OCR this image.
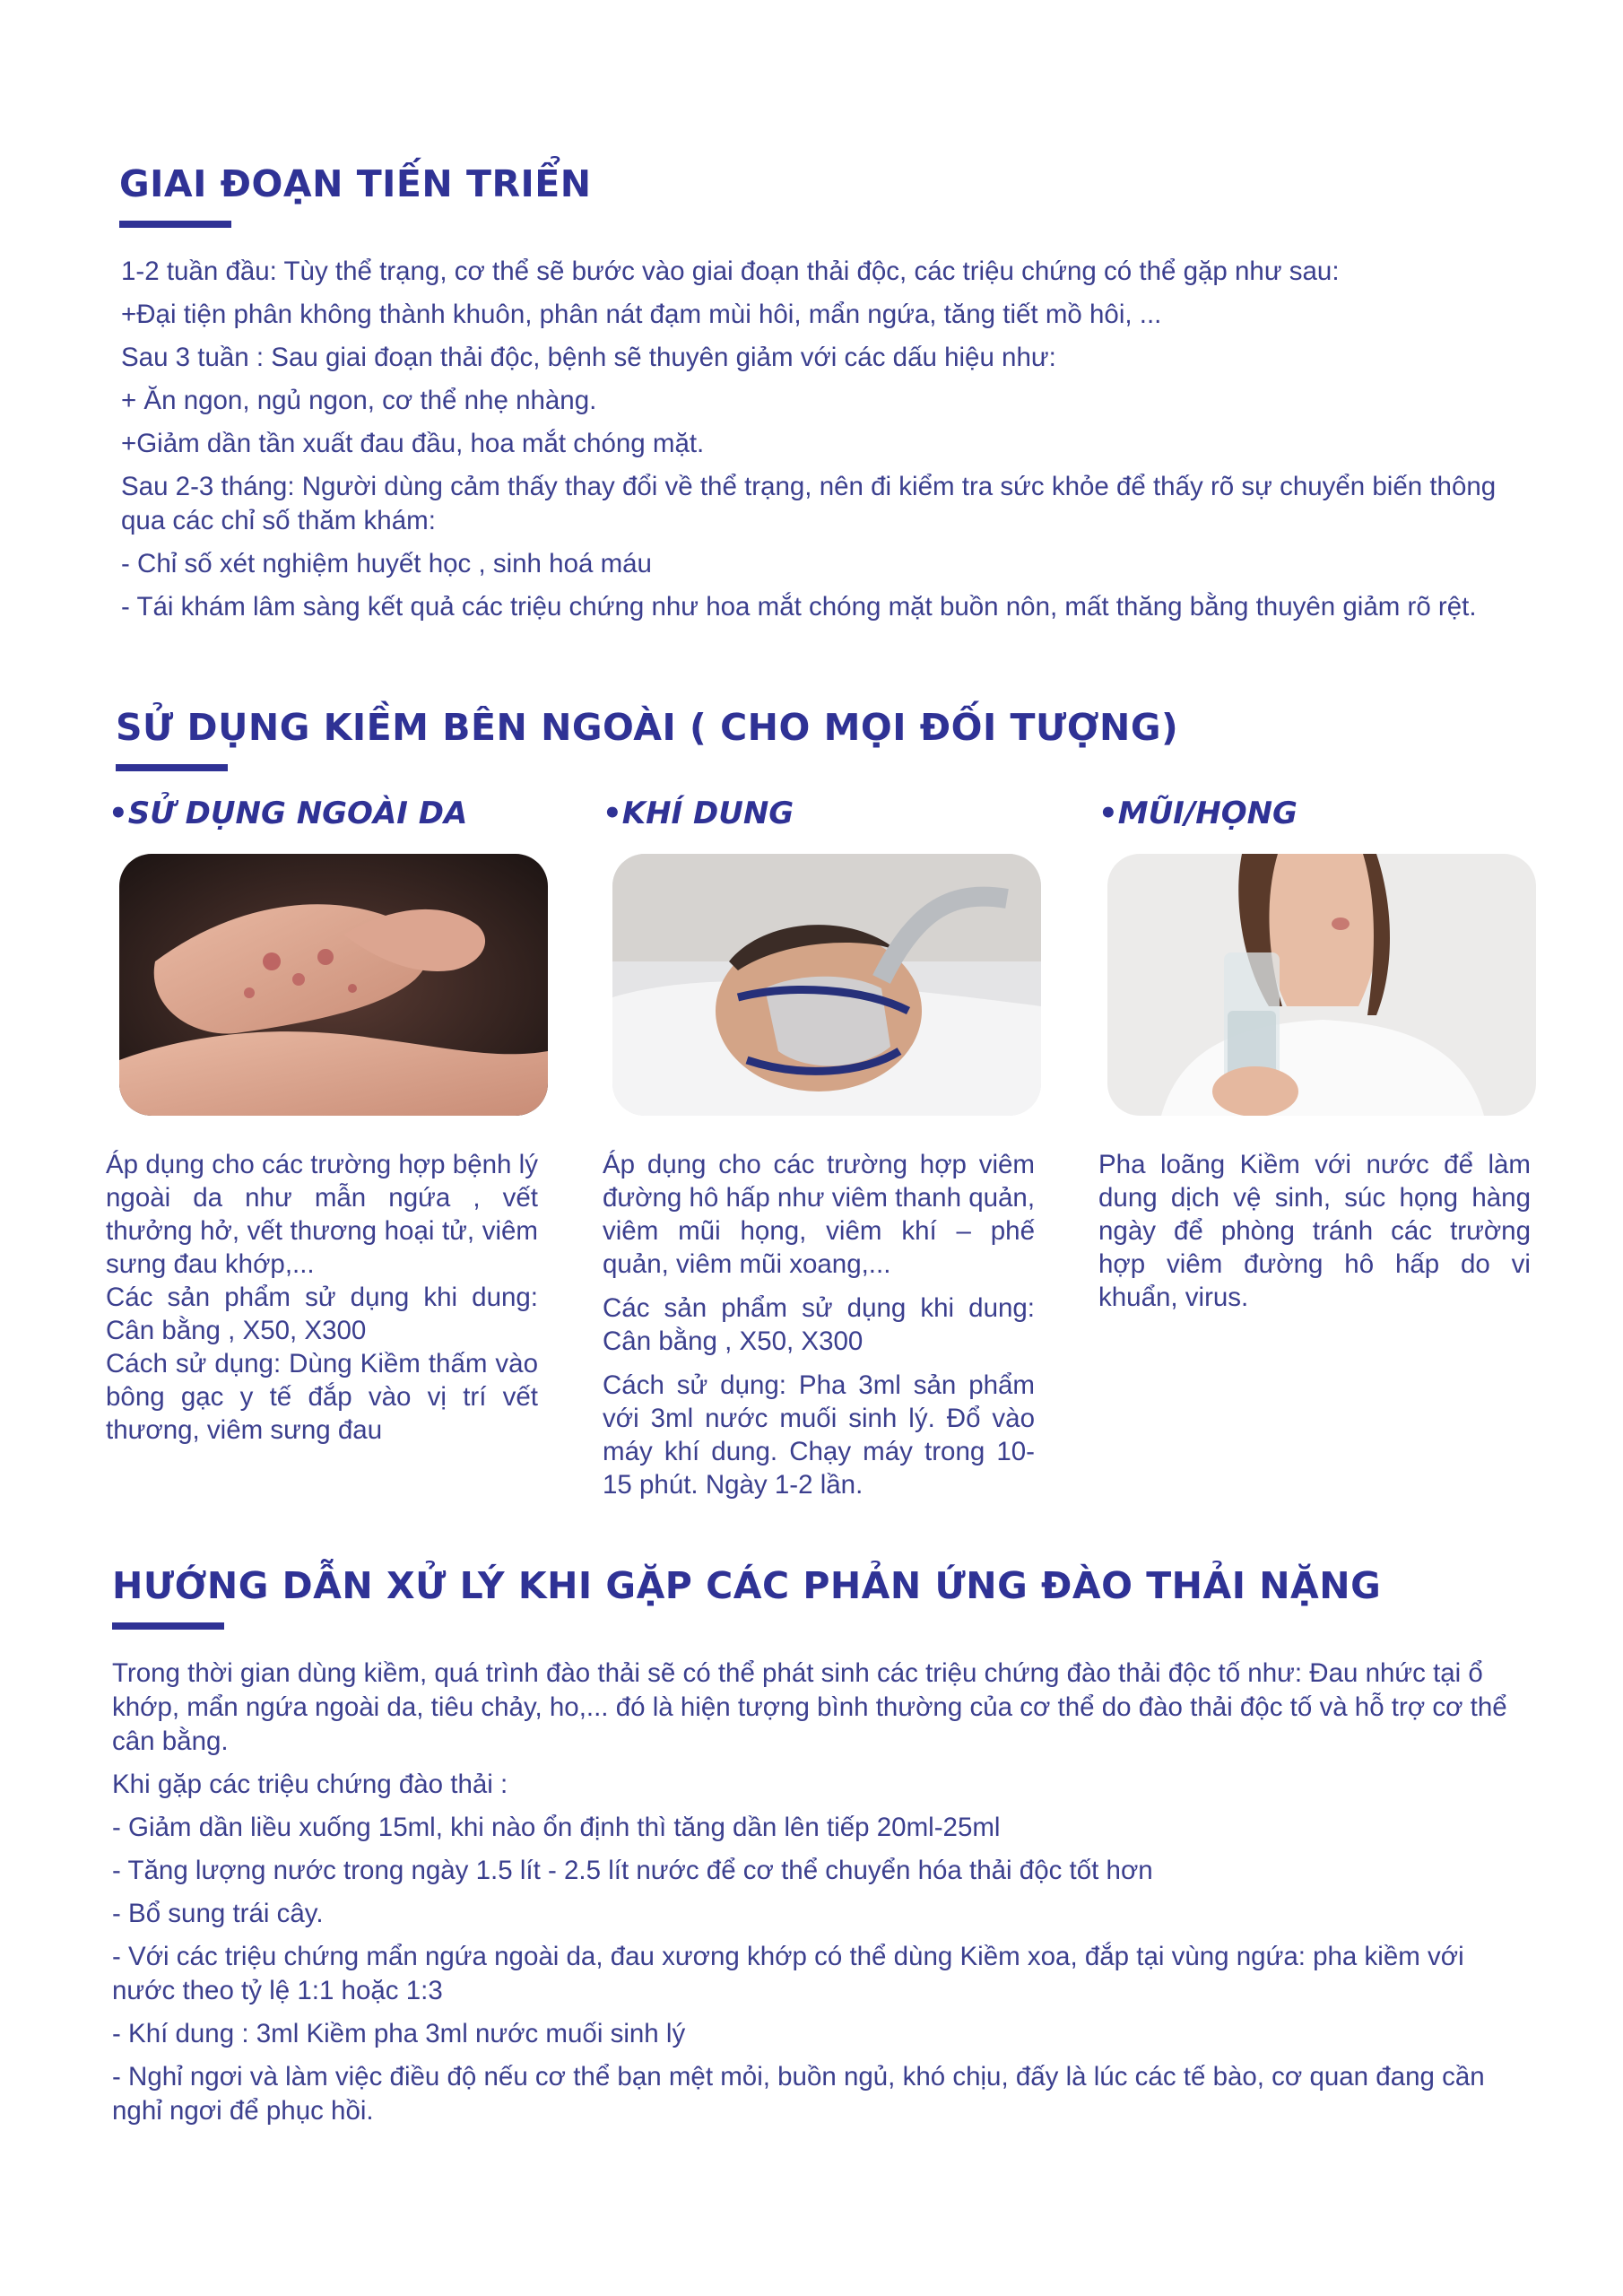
GIAI ĐOẠN TIẾN TRIỂN

1-2 tuần đầu: Tùy thể trạng, cơ thể sẽ bước vào giai đoạn thải độc, các triệu chứng có thể gặp như sau:

+Đại tiện phân không thành khuôn, phân nát đạm mùi hôi, mẩn ngứa, tăng tiết mồ hôi, ...

Sau 3 tuần : Sau giai đoạn thải độc, bệnh sẽ thuyên giảm với các dấu hiệu như:

+ Ăn ngon, ngủ ngon, cơ thể nhẹ nhàng.

+Giảm dần tần xuất đau đầu, hoa mắt chóng mặt.

Sau 2-3 tháng: Người dùng cảm thấy thay đổi về thể trạng, nên đi kiểm tra sức khỏe để thấy rõ sự chuyển biến thông qua các chỉ số thăm khám:

- Chỉ số xét nghiệm huyết học , sinh hoá máu

- Tái khám lâm sàng kết quả các triệu chứng như hoa mắt chóng mặt buồn nôn, mất thăng bằng thuyên giảm rõ rệt.

SỬ DỤNG KIỀM BÊN NGOÀI ( CHO MỌI ĐỐI TƯỢNG)
•SỬ DỤNG NGOÀI DA

Áp dụng cho các trường hợp bệnh lý ngoài da như mẫn ngứa , vết thưởng hở, vết thương hoại tử, viêm sưng đau khớp,...

Các sản phẩm sử dụng khi dung: Cân bằng , X50, X300

Cách sử dụng: Dùng Kiềm thấm vào bông gạc y tế đắp vào vị trí vết thương, viêm sưng đau

•KHÍ DUNG

Áp dụng cho các trường hợp viêm đường hô hấp như viêm thanh quản, viêm mũi họng, viêm khí – phế quản, viêm mũi xoang,...

Các sản phẩm sử dụng khi dung: Cân bằng , X50, X300

Cách sử dụng: Pha 3ml sản phẩm với 3ml nước muối sinh lý. Đổ vào máy khí dung. Chạy máy trong 10-15 phút. Ngày 1-2 lần.

•MŨI/HỌNG

Pha loãng Kiềm với nước để làm dung dịch vệ sinh, súc họng hàng ngày để phòng tránh các trường hợp viêm đường hô hấp do vi khuẩn, virus.

HƯỚNG DẪN XỬ LÝ KHI GẶP CÁC PHẢN ỨNG ĐÀO THẢI NẶNG

Trong thời gian dùng kiềm, quá trình đào thải sẽ có thể phát sinh các triệu chứng đào thải độc tố như: Đau nhức tại ổ khớp, mẩn ngứa ngoài da, tiêu chảy, ho,... đó là hiện tượng bình thường của cơ thể do đào thải độc tố và hỗ trợ cơ thể cân bằng.

Khi gặp các triệu chứng đào thải :

- Giảm dần liều xuống 15ml, khi nào ổn định thì tăng dần lên tiếp 20ml-25ml

- Tăng lượng nước trong ngày 1.5 lít - 2.5 lít nước để cơ thể chuyển hóa thải độc tốt hơn

- Bổ sung trái cây.

- Với các triệu chứng mẩn ngứa ngoài da, đau xương khớp có thể dùng Kiềm xoa, đắp tại vùng ngứa: pha kiềm với nước theo tỷ lệ 1:1 hoặc 1:3

- Khí dung : 3ml Kiềm pha 3ml nước muối sinh lý

- Nghỉ ngơi và làm việc điều độ nếu cơ thể bạn mệt mỏi, buồn ngủ, khó chịu, đấy là lúc các tế bào, cơ quan đang cần nghỉ ngơi để phục hồi.
